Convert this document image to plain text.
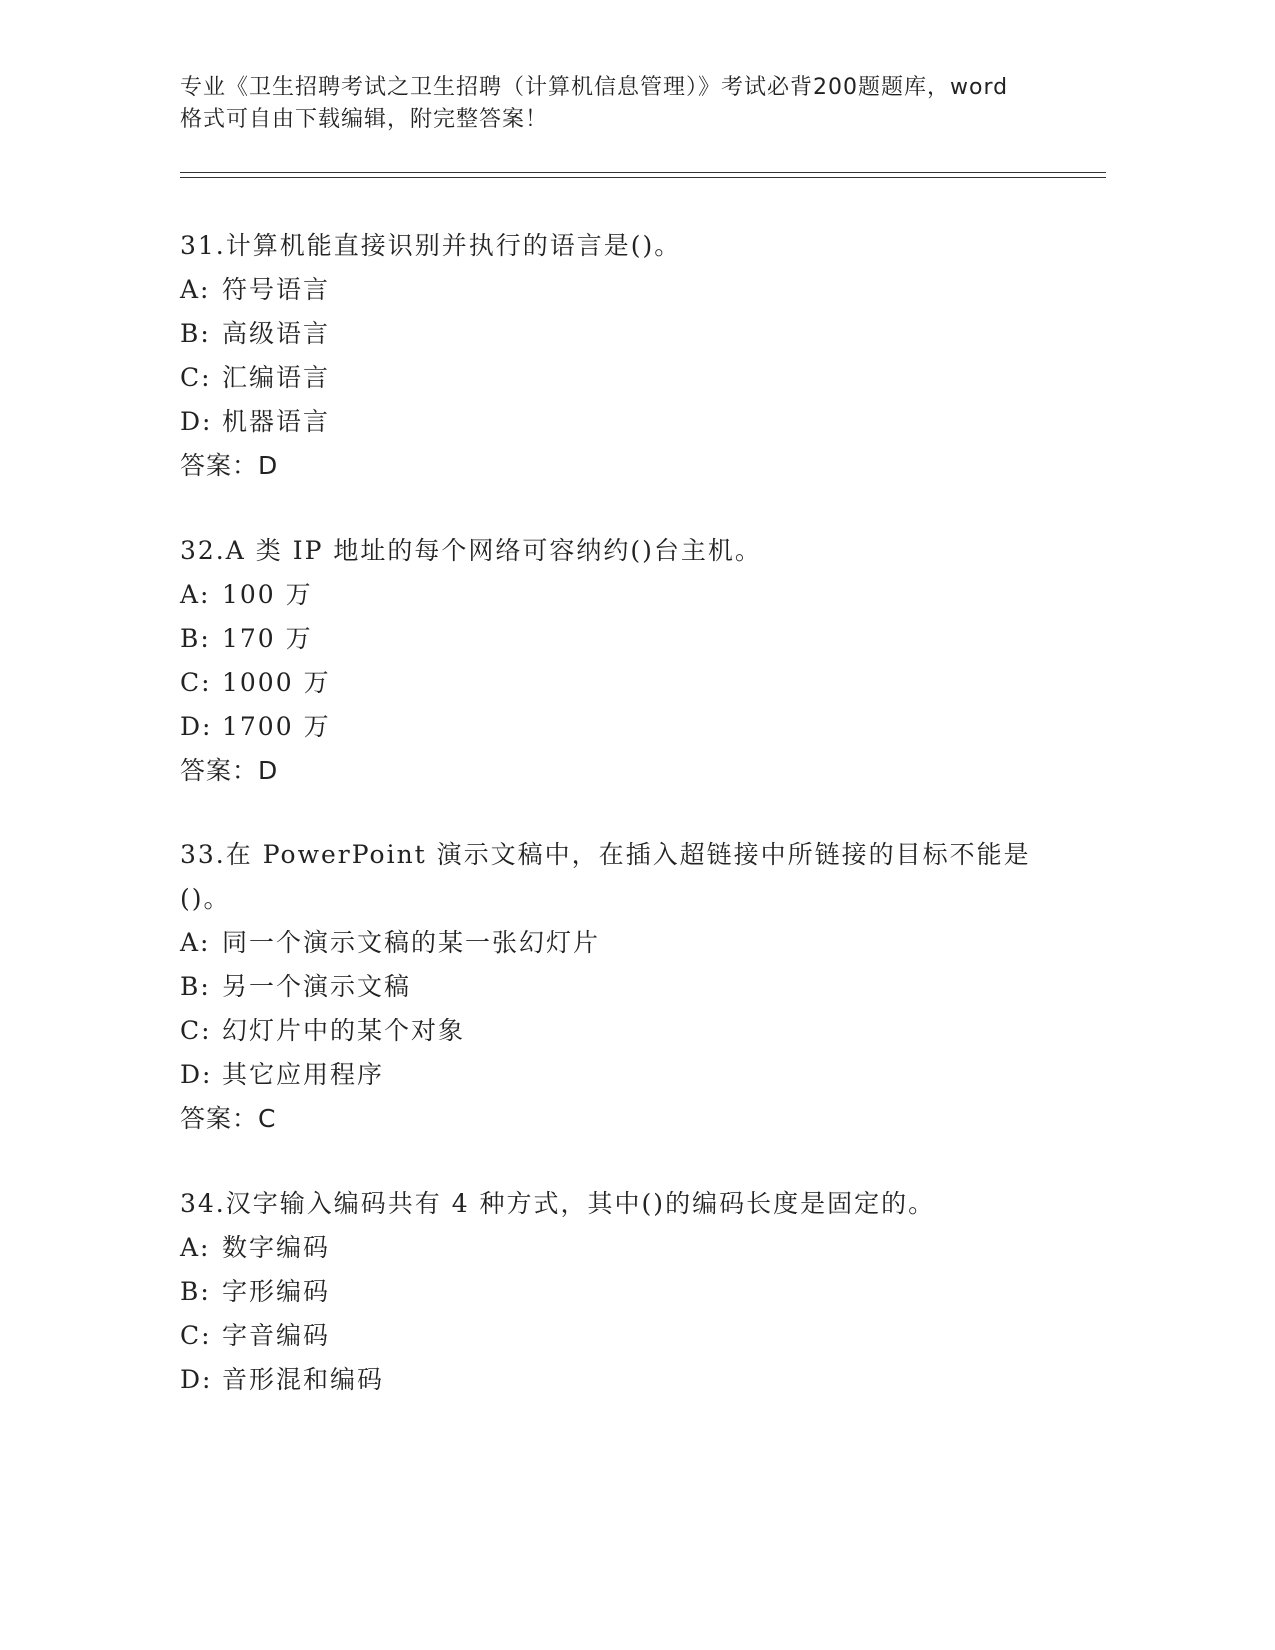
专业《卫生招聘考试之卫生招聘（计算机信息管理）》考试必背200题题库，word
格式可自由下载编辑，附完整答案！
31.计算机能直接识别并执行的语言是()。
A: 符号语言
B: 高级语言
C: 汇编语言
D: 机器语言
答案：D
32.A 类 IP 地址的每个网络可容纳约()台主机。
A: 100 万
B: 170 万
C: 1000 万
D: 1700 万
答案：D
33.在 PowerPoint 演示文稿中，在插入超链接中所链接的目标不能是()。
A: 同一个演示文稿的某一张幻灯片
B: 另一个演示文稿
C: 幻灯片中的某个对象
D: 其它应用程序
答案：C
34.汉字输入编码共有 4 种方式，其中()的编码长度是固定的。
A: 数字编码
B: 字形编码
C: 字音编码
D: 音形混和编码
